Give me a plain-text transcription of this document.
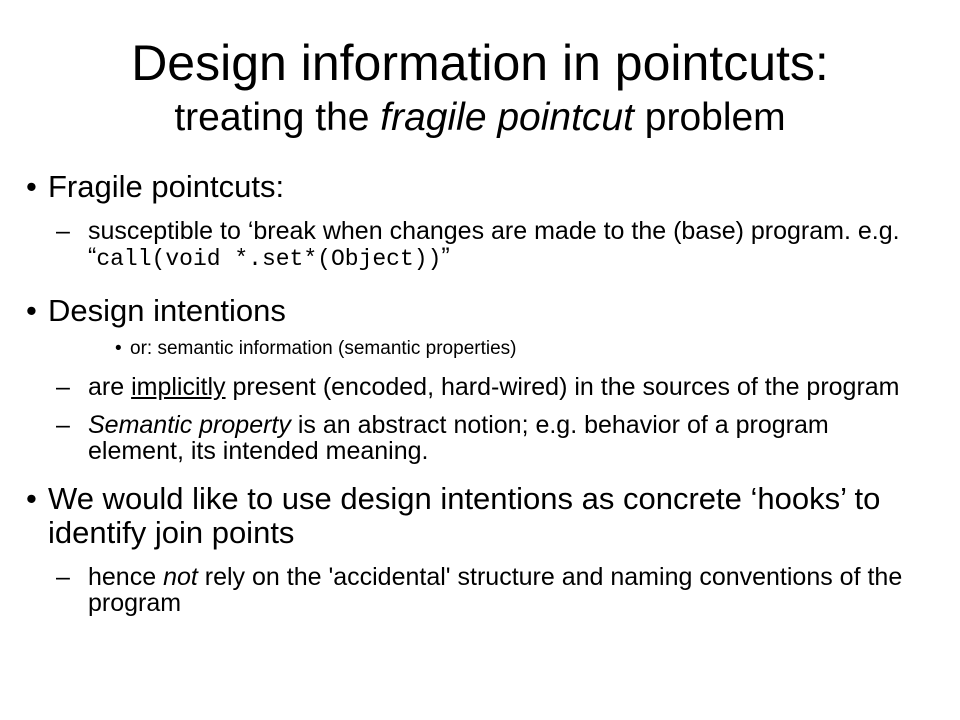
Design information in pointcuts:
treating the fragile pointcut problem
• Fragile pointcuts:
– susceptible to ‘break when changes are made to the (base) program. e.g. “call(void *.set*(Object))”
• Design intentions
• or: semantic information (semantic properties)
– are implicitly present (encoded, hard-wired) in the sources of the program
– Semantic property is an abstract notion; e.g. behavior of a program element, its intended meaning.
• We would like to use design intentions as concrete ‘hooks’ to identify join points
– hence not rely on the 'accidental' structure and naming conventions of the program
